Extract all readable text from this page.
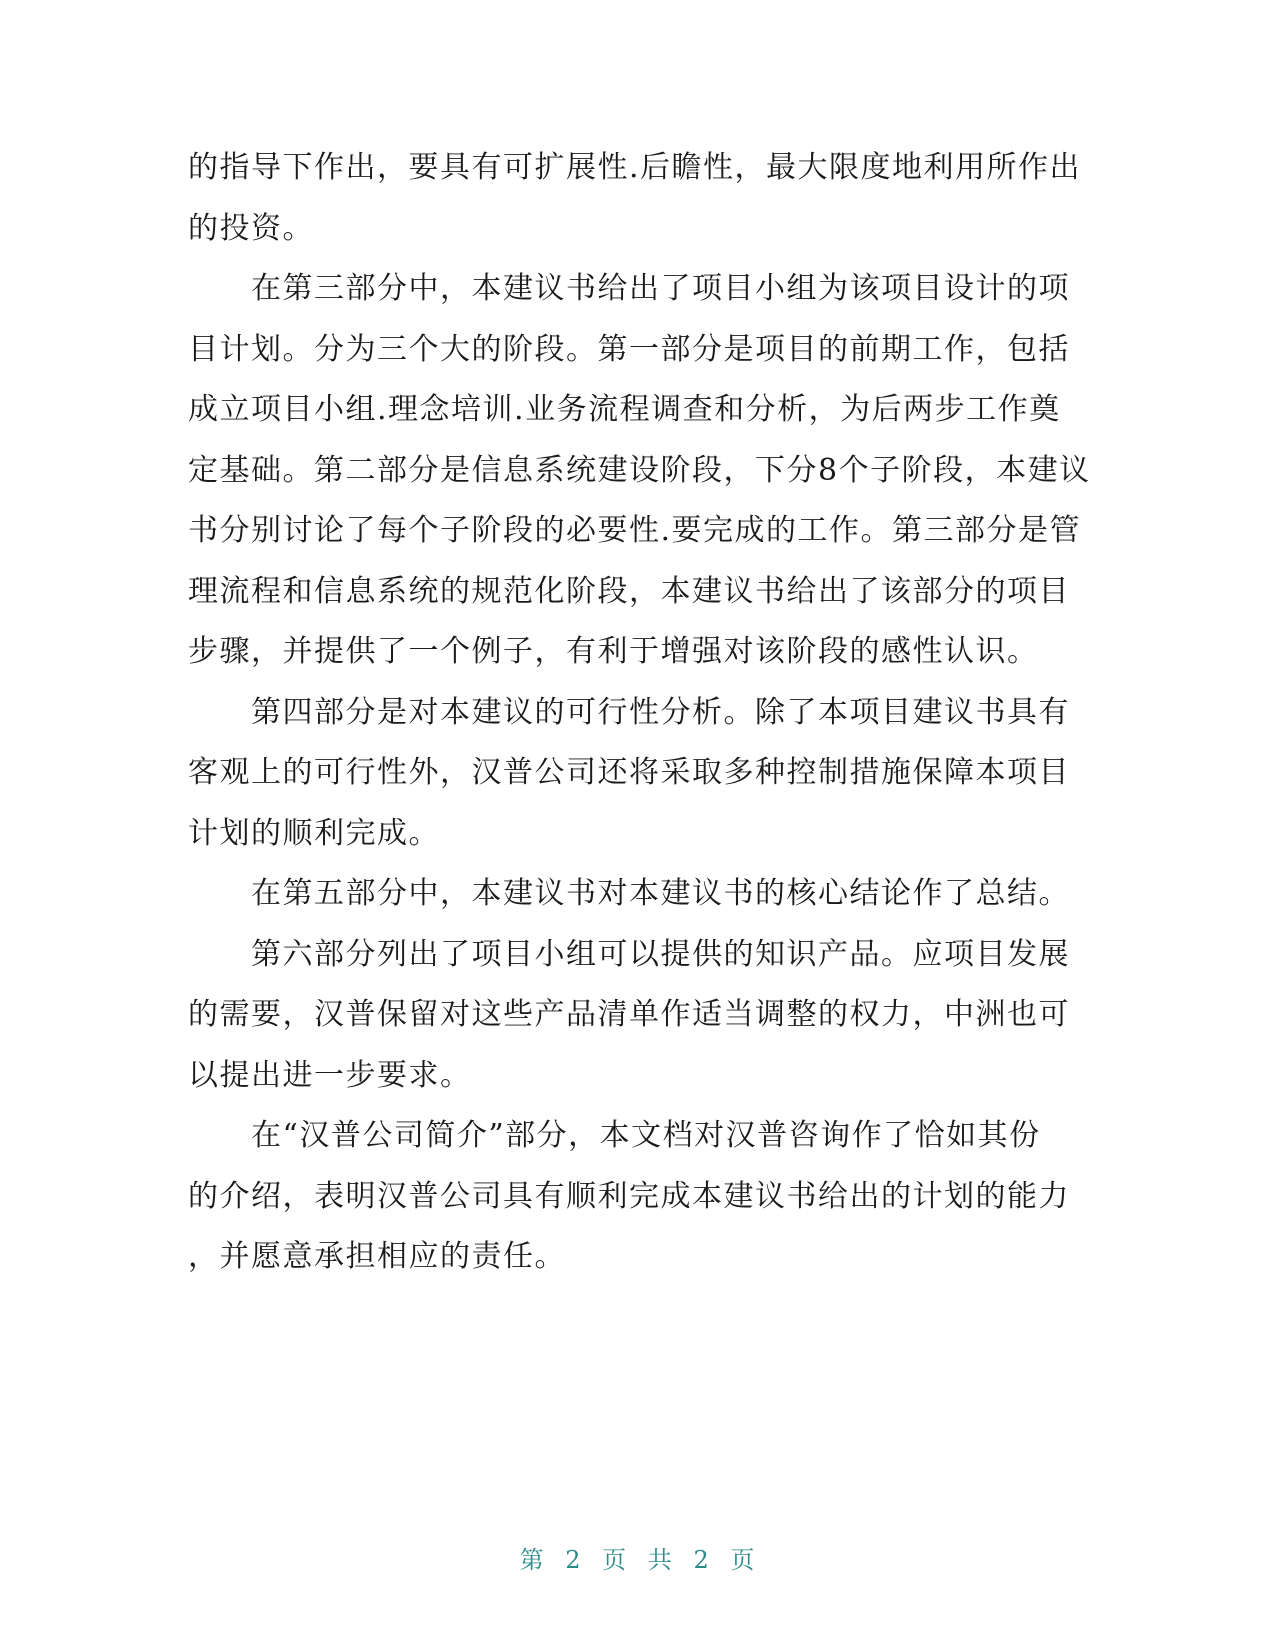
的指导下作出，要具有可扩展性.后瞻性，最大限度地利用所作出
的投资。
　　在第三部分中，本建议书给出了项目小组为该项目设计的项
目计划。分为三个大的阶段。第一部分是项目的前期工作，包括
成立项目小组.理念培训.业务流程调查和分析，为后两步工作奠
定基础。第二部分是信息系统建设阶段，下分8个子阶段，本建议
书分别讨论了每个子阶段的必要性.要完成的工作。第三部分是管
理流程和信息系统的规范化阶段，本建议书给出了该部分的项目
步骤，并提供了一个例子，有利于增强对该阶段的感性认识。
　　第四部分是对本建议的可行性分析。除了本项目建议书具有
客观上的可行性外，汉普公司还将采取多种控制措施保障本项目
计划的顺利完成。
　　在第五部分中，本建议书对本建议书的核心结论作了总结。
　　第六部分列出了项目小组可以提供的知识产品。应项目发展
的需要，汉普保留对这些产品清单作适当调整的权力，中洲也可
以提出进一步要求。
　　在“汉普公司简介”部分，本文档对汉普咨询作了恰如其份
的介绍，表明汉普公司具有顺利完成本建议书给出的计划的能力
，并愿意承担相应的责任。
第 2 页 共 2 页
